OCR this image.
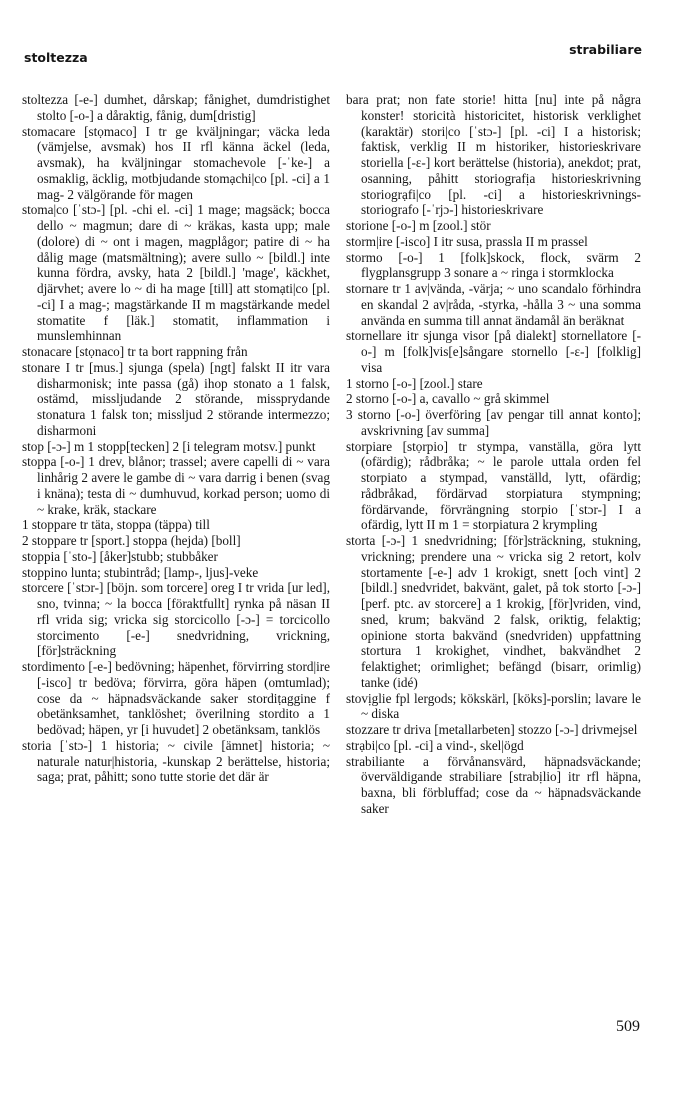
stoltezza
strabiliare

stoltezza [-e-] dumhet, dårskap; fånighet, dumdristighet stolto [-o-] a dåraktig, fånig, dum[dristig]

stomacare [stọmaco] I tr ge kväljningar; väcka leda (vämjelse, avsmak) hos II rfl känna äckel (leda, avsmak), ha kväljningar stomachevole [-ˈke-] a osmaklig, äcklig, motbjudande stomạchi|co [pl. -ci] a 1 mag- 2 välgörande för magen

stoma|co [ˈstɔ-] [pl. -chi el. -ci] 1 mage; magsäck; bocca dello ~ magmun; dare di ~ kräkas, kasta upp; male (dolore) di ~ ont i magen, magplågor; patire di ~ ha dålig mage (matsmältning); avere sullo ~ [bildl.] inte kunna fördra, avsky, hata 2 [bildl.] 'mage', käckhet, djärvhet; avere lo ~ di ha mage [till] att stomạti|co [pl. -ci] I a mag-; magstärkande II m magstärkande medel stomatite f [läk.] stomatit, inflammation i munslemhinnan

stonacare [stọnaco] tr ta bort rappning från

stonare I tr [mus.] sjunga (spela) [ngt] falskt II itr vara disharmonisk; inte passa (gå) ihop stonato a 1 falsk, ostämd, missljudande 2 störande, missprydande stonatura 1 falsk ton; missljud 2 störande intermezzo; disharmoni

stop [-ɔ-] m 1 stopp[tecken] 2 [i telegram motsv.] punkt

stoppa [-o-] 1 drev, blånor; trassel; avere capelli di ~ vara linhårig 2 avere le gambe di ~ vara darrig i benen (svag i knäna); testa di ~ dumhuvud, korkad person; uomo di ~ krake, kräk, stackare

1 stoppare tr täta, stoppa (täppa) till

2 stoppare tr [sport.] stoppa (hejda) [boll]

stoppia [ˈsto-] [åker]stubb; stubbåker

stoppino lunta; stubintråd; [lamp-, ljus]-veke

storcere [ˈstɔr-] [böjn. som torcere] oreg I tr vrida [ur led], sno, tvinna; ~ la bocca [föraktfullt] rynka på näsan II rfl vrida sig; vricka sig storcicollo [-ɔ-] = torcicollo storcimento [-e-] snedvridning, vrickning, [för]sträckning

stordimento [-e-] bedövning; häpenhet, förvirring stord|ire [-isco] tr bedöva; förvirra, göra häpen (omtumlad); cose da ~ häpnadsväckande saker stordiṭaggine f obetänksamhet, tanklöshet; överilning stordito a 1 bedövad; häpen, yr [i huvudet] 2 obetänksam, tanklös

storia [ˈstɔ-] 1 historia; ~ civile [ämnet] historia; ~ naturale natur|historia, -kunskap 2 berättelse, historia; saga; prat, påhitt; sono tutte storie det där är

bara prat; non fate storie! hitta [nu] inte på några konster! storicità historicitet, historisk verklighet (karaktär) stori|co [ˈstɔ-] [pl. -ci] I a historisk; faktisk, verklig II m historiker, historieskrivare storiella [-ɛ-] kort berättelse (historia), anekdot; prat, osanning, påhitt storiografịa historieskrivning storiogrạfi|co [pl. -ci] a historieskrivnings- storiografo [-ˈrjɔ-] historieskrivare

storione [-o-] m [zool.] stör

storm|ire [-isco] I itr susa, prassla II m prassel

stormo [-o-] 1 [folk]skock, flock, svärm 2 flygplansgrupp 3 sonare a ~ ringa i stormklocka

stornare tr 1 av|vända, -värja; ~ uno scandalo förhindra en skandal 2 av|råda, -styrka, -hålla 3 ~ una somma använda en summa till annat ändamål än beräknat

stornellare itr sjunga visor [på dialekt] stornellatore [-o-] m [folk]vis[e]sångare stornello [-ɛ-] [folklig] visa

1 storno [-o-] [zool.] stare

2 storno [-o-] a, cavallo ~ grå skimmel

3 storno [-o-] överföring [av pengar till annat konto]; avskrivning [av summa]

storpiare [stọrpio] tr stympa, vanställa, göra lytt (ofärdig); rådbråka; ~ le parole uttala orden fel storpiato a stympad, vanställd, lytt, ofärdig; rådbråkad, fördärvad storpiatura stympning; fördärvande, förvrängning storpio [ˈstɔr-] I a ofärdig, lytt II m 1 = storpiatura 2 krympling

storta [-ɔ-] 1 snedvridning; [för]sträckning, stukning, vrickning; prendere una ~ vricka sig 2 retort, kolv stortamente [-e-] adv 1 krokigt, snett [och vint] 2 [bildl.] snedvridet, bakvänt, galet, på tok storto [-ɔ-] [perf. ptc. av storcere] a 1 krokig, [för]vriden, vind, sned, krum; bakvänd 2 falsk, oriktig, felaktig; opinione storta bakvänd (snedvriden) uppfattning stortura 1 krokighet, vindhet, bakvändhet 2 felaktighet; orimlighet; befängd (bisarr, orimlig) tanke (idé)

stovịglie fpl lergods; kökskärl, [köks]-porslin; lavare le ~ diska

stozzare tr driva [metallarbeten] stozzo [-ɔ-] drivmejsel

strạbi|co [pl. -ci] a vind-, skel|ögd

strabiliante a förvånansvärd, häpnadsväckande; överväldigande strabiliare [strabịlio] itr rfl häpna, baxna, bli förbluffad; cose da ~ häpnadsväckande saker

509
